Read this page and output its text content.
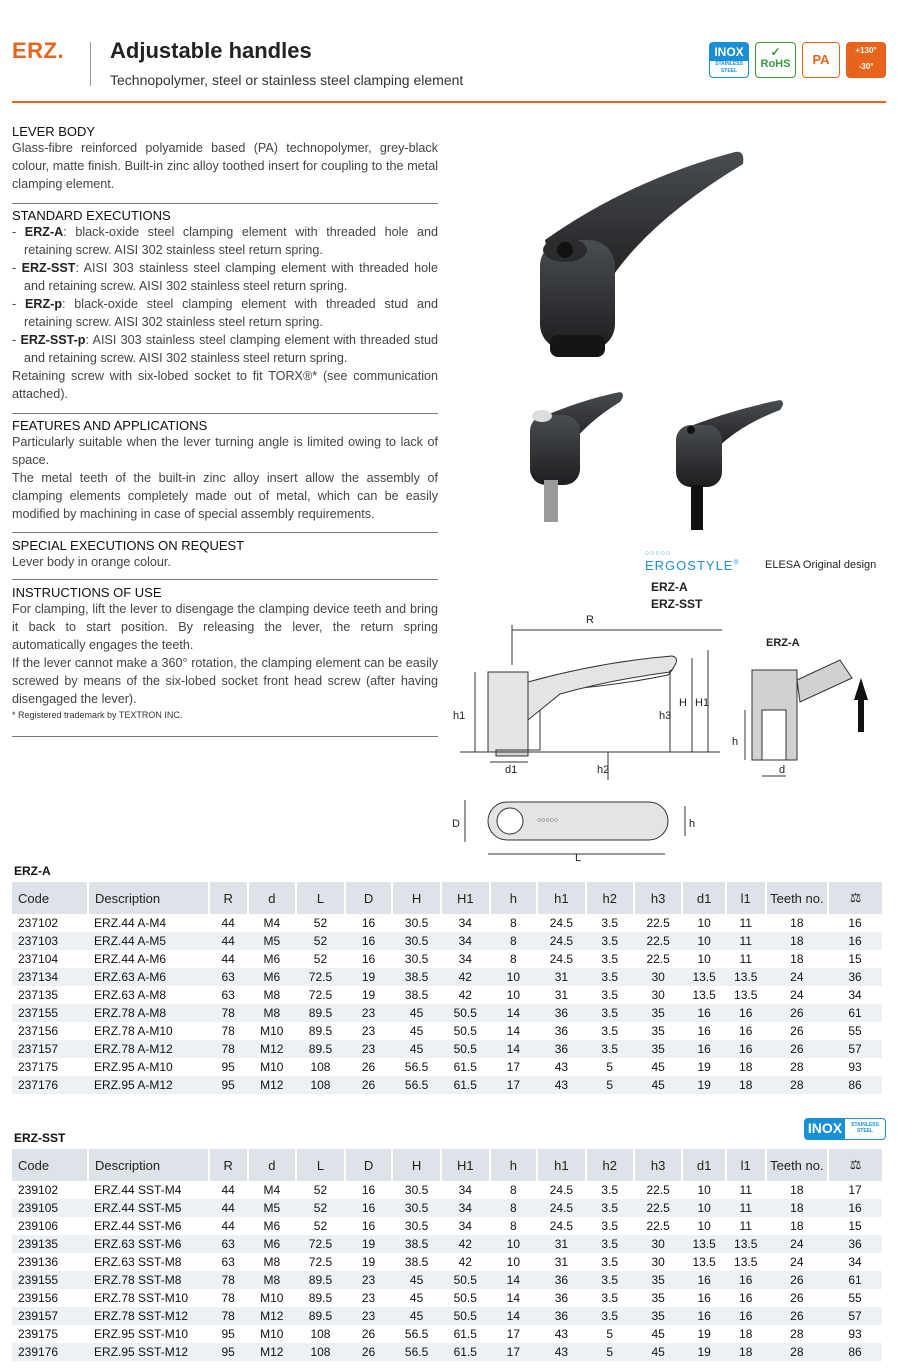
ERZ. Adjustable handles
Technopolymer, steel or stainless steel clamping element
INOX
STAINLESS STEEL
✓
RoHS	PA
+130°
-30°
LEVER BODY

Glass-fibre reinforced polyamide based (PA) technopolymer, grey-black colour, matte finish. Built-in zinc alloy toothed insert for coupling to the metal clamping element.

STANDARD EXECUTIONS
- ERZ-A: black-oxide steel clamping element with threaded hole and retaining screw. AISI 302 stainless steel return spring.
- ERZ-SST: AISI 303 stainless steel clamping element with threaded hole and retaining screw. AISI 302 stainless steel return spring.
- ERZ-p: black-oxide steel clamping element with threaded stud and retaining screw. AISI 302 stainless steel return spring.
- ERZ-SST-p: AISI 303 stainless steel clamping element with threaded stud and retaining screw. AISI 302 stainless steel return spring.

Retaining screw with six-lobed socket to fit TORX®* (see communication attached).

FEATURES AND APPLICATIONS

Particularly suitable when the lever turning angle is limited owing to lack of space.

The metal teeth of the built-in zinc alloy insert allow the assembly of clamping elements completely made out of metal, which can be easily modified by machining in case of special assembly requirements.

SPECIAL EXECUTIONS ON REQUEST

Lever body in orange colour.

INSTRUCTIONS OF USE

For clamping, lift the lever to disengage the clamping device teeth and bring it back to start position. By releasing the lever, the return spring automatically engages the teeth.

If the lever cannot make a 360° rotation, the clamping element can be easily screwed by means of the six-lobed socket front head screw (after having disengaged the lever).

* Registered trademark by TEXTRON INC.
○○○○○
ERGOSTYLE® ELESA Original design
ERZ-A
ERZ-SST
ERZ-A
R
h1	h3
H H1
d1	h2
D	h
L
h
d
○○○○○
ERZ-A
Code	Description	R	d	L	D	H	H1	h	h1	h2	h3	d1	l1	Teeth no.	⚖
237102	ERZ.44 A-M4	44	M4	52	16	30.5	34	8	24.5	3.5	22.5	10	11	18	16
237103	ERZ.44 A-M5	44	M5	52	16	30.5	34	8	24.5	3.5	22.5	10	11	18	16
237104	ERZ.44 A-M6	44	M6	52	16	30.5	34	8	24.5	3.5	22.5	10	11	18	15
237134	ERZ.63 A-M6	63	M6	72.5	19	38.5	42	10	31	3.5	30	13.5	13.5	24	36
237135	ERZ.63 A-M8	63	M8	72.5	19	38.5	42	10	31	3.5	30	13.5	13.5	24	34
237155	ERZ.78 A-M8	78	M8	89.5	23	45	50.5	14	36	3.5	35	16	16	26	61
237156	ERZ.78 A-M10	78	M10	89.5	23	45	50.5	14	36	3.5	35	16	16	26	55
237157	ERZ.78 A-M12	78	M12	89.5	23	45	50.5	14	36	3.5	35	16	16	26	57
237175	ERZ.95 A-M10	95	M10	108	26	56.5	61.5	17	43	5	45	19	18	28	93
237176	ERZ.95 A-M12	95	M12	108	26	56.5	61.5	17	43	5	45	19	18	28	86
ERZ-SST
INOX	STAINLESS STEEL
Code	Description	R	d	L	D	H	H1	h	h1	h2	h3	d1	l1	Teeth no.	⚖
239102	ERZ.44 SST-M4	44	M4	52	16	30.5	34	8	24.5	3.5	22.5	10	11	18	17
239105	ERZ.44 SST-M5	44	M5	52	16	30.5	34	8	24.5	3.5	22.5	10	11	18	16
239106	ERZ.44 SST-M6	44	M6	52	16	30.5	34	8	24.5	3.5	22.5	10	11	18	15
239135	ERZ.63 SST-M6	63	M6	72.5	19	38.5	42	10	31	3.5	30	13.5	13.5	24	36
239136	ERZ.63 SST-M8	63	M8	72.5	19	38.5	42	10	31	3.5	30	13.5	13.5	24	34
239155	ERZ.78 SST-M8	78	M8	89.5	23	45	50.5	14	36	3.5	35	16	16	26	61
239156	ERZ.78 SST-M10	78	M10	89.5	23	45	50.5	14	36	3.5	35	16	16	26	55
239157	ERZ.78 SST-M12	78	M12	89.5	23	45	50.5	14	36	3.5	35	16	16	26	57
239175	ERZ.95 SST-M10	95	M10	108	26	56.5	61.5	17	43	5	45	19	18	28	93
239176	ERZ.95 SST-M12	95	M12	108	26	56.5	61.5	17	43	5	45	19	18	28	86
